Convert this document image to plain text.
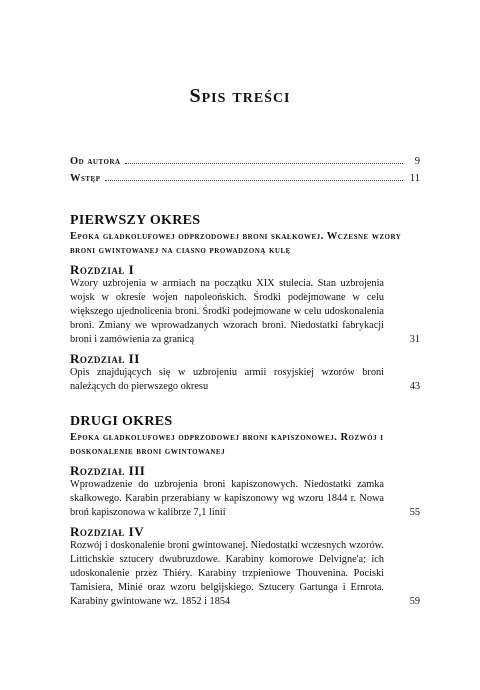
Spis treści
Od autora	9
Wstęp	11
PIERWSZY OKRES
Epoka gładkolufowej odprzodowej broni skałkowej. Wczesne wzory broni gwintowanej na ciasno prowadzoną kulę
Rozdział I

Wzory uzbrojenia w armiach na początku XIX stulecia. Stan uzbrojenia wojsk w okresie wojen napoleońskich. Środki podejmowane w celu większego ujednolicenia broni. Środki podejmowane w celu udoskonalenia broni. Zmiany we wprowadzanych wzorach broni. Niedostatki fabrykacji broni i zamówienia za granicą	31
Rozdział II

Opis znajdujących się w uzbrojeniu armii rosyjskiej wzorów broni należących do pierwszego okresu	43
DRUGI OKRES
Epoka gładkolufowej odprzodowej broni kapiszonowej. Rozwój i doskonalenie broni gwintowanej
Rozdział III

Wprowadzenie do uzbrojenia broni kapiszonowych. Niedostatki zamka skałkowego. Karabin przerabiany w kapiszonowy wg wzoru 1844 r. Nowa broń kapiszonowa w kalibrze 7,1 linii	55
Rozdział IV

Rozwój i doskonalenie broni gwintowanej. Niedostatki wczesnych wzorów. Littichskie sztucery dwubruzdowe. Karabiny komorowe Delvigne'a; ich udoskonalenie przez Thiéry. Karabiny trzpieniowe Thouvenina. Pociski Tamisiera, Minié oraz wzoru belgijskiego. Sztucery Gartunga i Ernrota. Karabiny gwintowane wz. 1852 i 1854	59
